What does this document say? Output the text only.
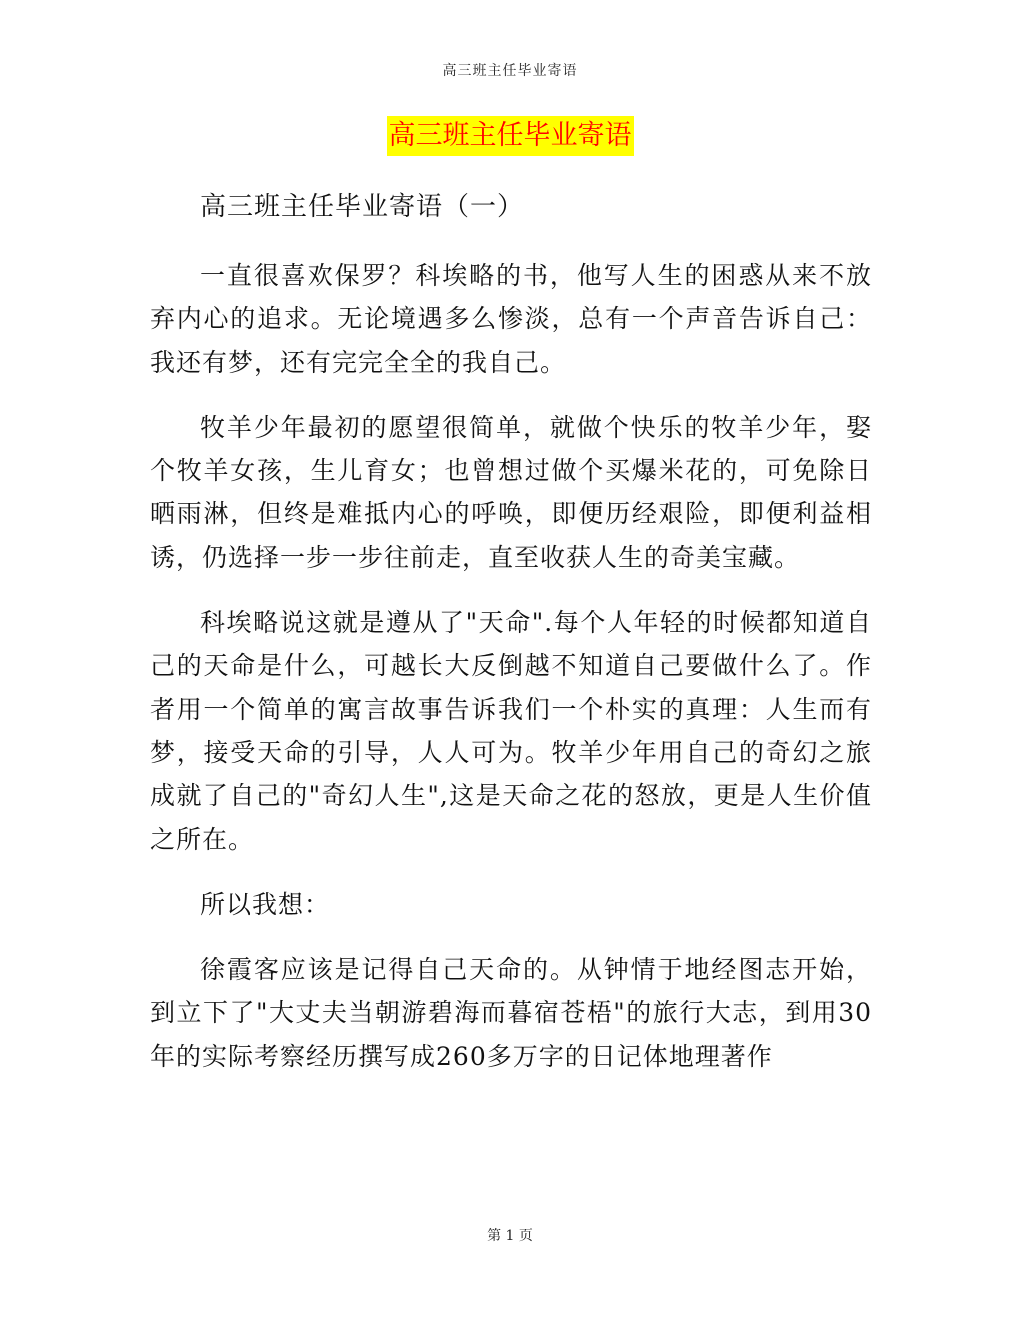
高三班主任毕业寄语
高三班主任毕业寄语

高三班主任毕业寄语（一）

一直很喜欢保罗？科埃略的书，他写人生的困惑从来不放弃内心的追求。无论境遇多么惨淡，总有一个声音告诉自己：我还有梦，还有完完全全的我自己。

牧羊少年最初的愿望很简单，就做个快乐的牧羊少年，娶个牧羊女孩，生儿育女；也曾想过做个买爆米花的，可免除日晒雨淋，但终是难抵内心的呼唤，即便历经艰险，即便利益相诱，仍选择一步一步往前走，直至收获人生的奇美宝藏。

科埃略说这就是遵从了"天命".每个人年轻的时候都知道自己的天命是什么，可越长大反倒越不知道自己要做什么了。作者用一个简单的寓言故事告诉我们一个朴实的真理：人生而有梦，接受天命的引导，人人可为。牧羊少年用自己的奇幻之旅成就了自己的"奇幻人生",这是天命之花的怒放，更是人生价值之所在。

所以我想：

徐霞客应该是记得自己天命的。从钟情于地经图志开始，到立下了"大丈夫当朝游碧海而暮宿苍梧"的旅行大志，到用30年的实际考察经历撰写成260多万字的日记体地理著作

第 1 页
